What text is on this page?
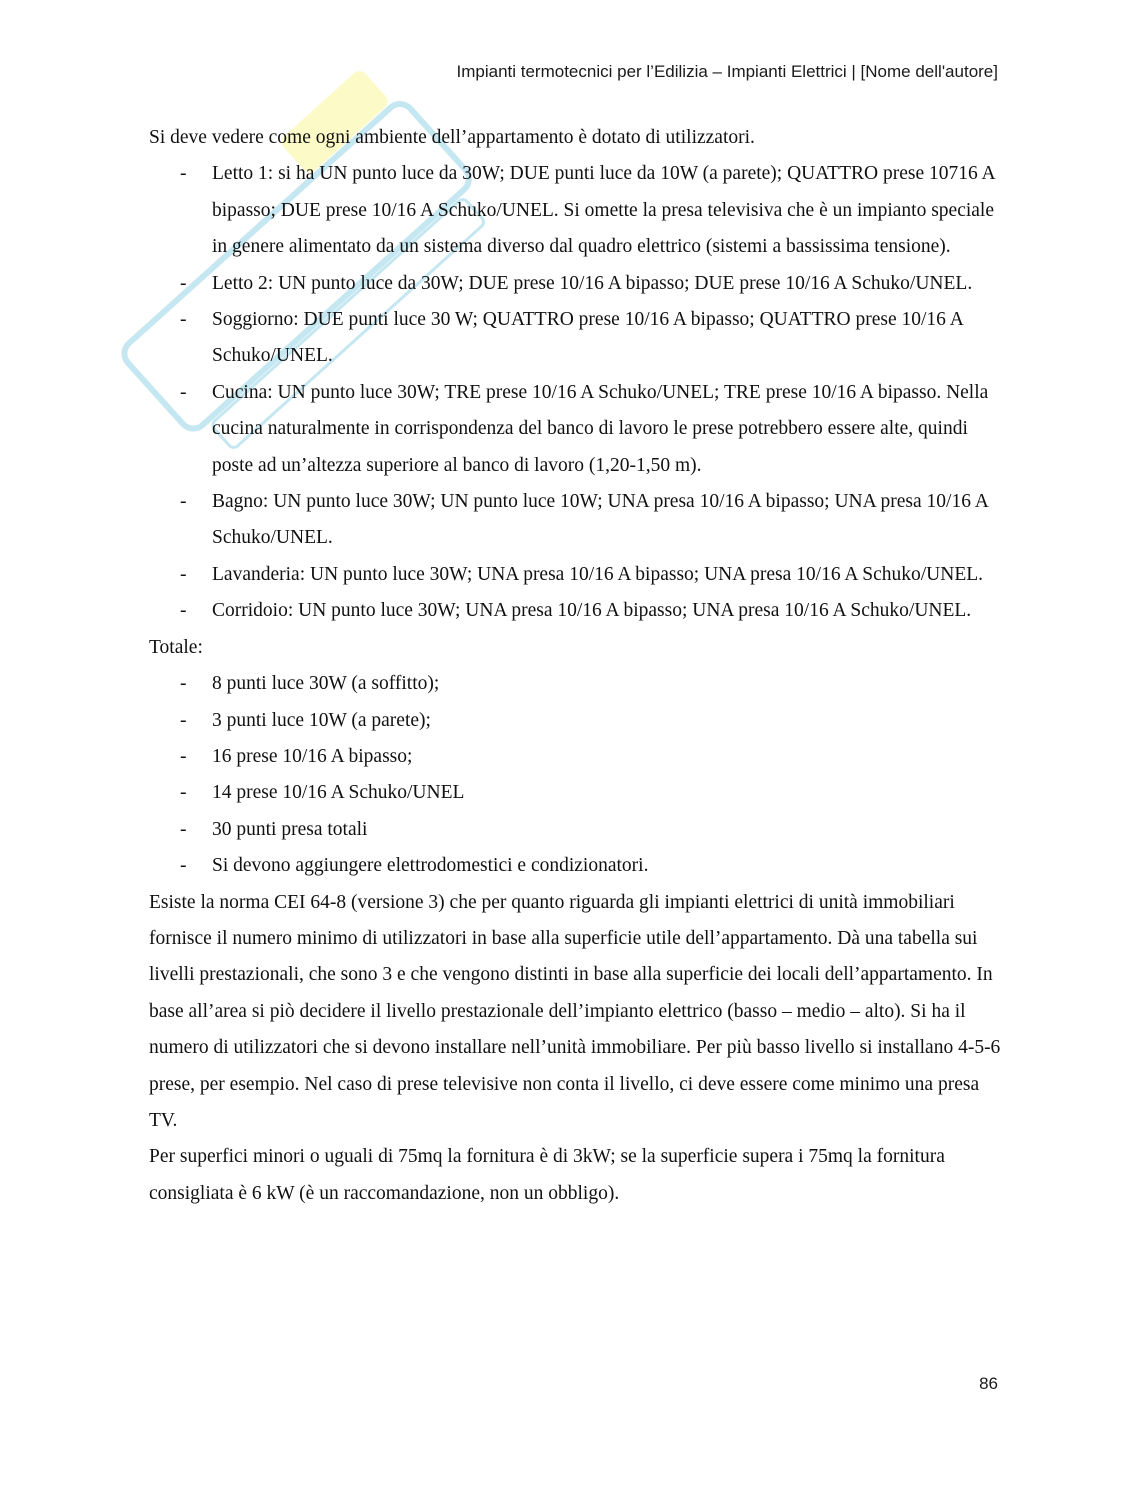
Impianti termotecnici per l’Edilizia – Impianti Elettrici | [Nome dell'autore]

Si deve vedere come ogni ambiente dell’appartamento è dotato di utilizzatori.

- Letto 1: si ha UN punto luce da 30W; DUE punti luce da 10W (a parete); QUATTRO prese 10716 A bipasso; DUE prese 10/16 A Schuko/UNEL. Si omette la presa televisiva che è un impianto speciale in genere alimentato da un sistema diverso dal quadro elettrico (sistemi a bassissima tensione).
- Letto 2: UN punto luce da 30W; DUE prese 10/16 A bipasso; DUE prese 10/16 A Schuko/UNEL.
- Soggiorno: DUE punti luce 30 W; QUATTRO prese 10/16 A bipasso; QUATTRO prese 10/16 A Schuko/UNEL.
- Cucina: UN punto luce 30W; TRE prese 10/16 A Schuko/UNEL; TRE prese 10/16 A bipasso. Nella cucina naturalmente in corrispondenza del banco di lavoro le prese potrebbero essere alte, quindi poste ad un’altezza superiore al banco di lavoro (1,20-1,50 m).
- Bagno: UN punto luce 30W; UN punto luce 10W; UNA presa 10/16 A bipasso; UNA presa 10/16 A Schuko/UNEL.
- Lavanderia: UN punto luce 30W; UNA presa 10/16 A bipasso; UNA presa 10/16 A Schuko/UNEL.
- Corridoio: UN punto luce 30W; UNA presa 10/16 A bipasso; UNA presa 10/16 A Schuko/UNEL.

Totale:

- 8 punti luce 30W (a soffitto);
- 3 punti luce 10W (a parete);
- 16 prese 10/16 A bipasso;
- 14 prese 10/16 A Schuko/UNEL
- 30 punti presa totali
- Si devono aggiungere elettrodomestici e condizionatori.

Esiste la norma CEI 64-8 (versione 3) che per quanto riguarda gli impianti elettrici di unità immobiliari fornisce il numero minimo di utilizzatori in base alla superficie utile dell’appartamento. Dà una tabella sui livelli prestazionali, che sono 3 e che vengono distinti in base alla superficie dei locali dell’appartamento. In base all’area si piò decidere il livello prestazionale dell’impianto elettrico (basso – medio – alto). Si ha il numero di utilizzatori che si devono installare nell’unità immobiliare. Per più basso livello si installano 4-5-6 prese, per esempio. Nel caso di prese televisive non conta il livello, ci deve essere come minimo una presa TV.

Per superfici minori o uguali di 75mq la fornitura è di 3kW; se la superficie supera i 75mq la fornitura consigliata è 6 kW (è un raccomandazione, non un obbligo).

86
